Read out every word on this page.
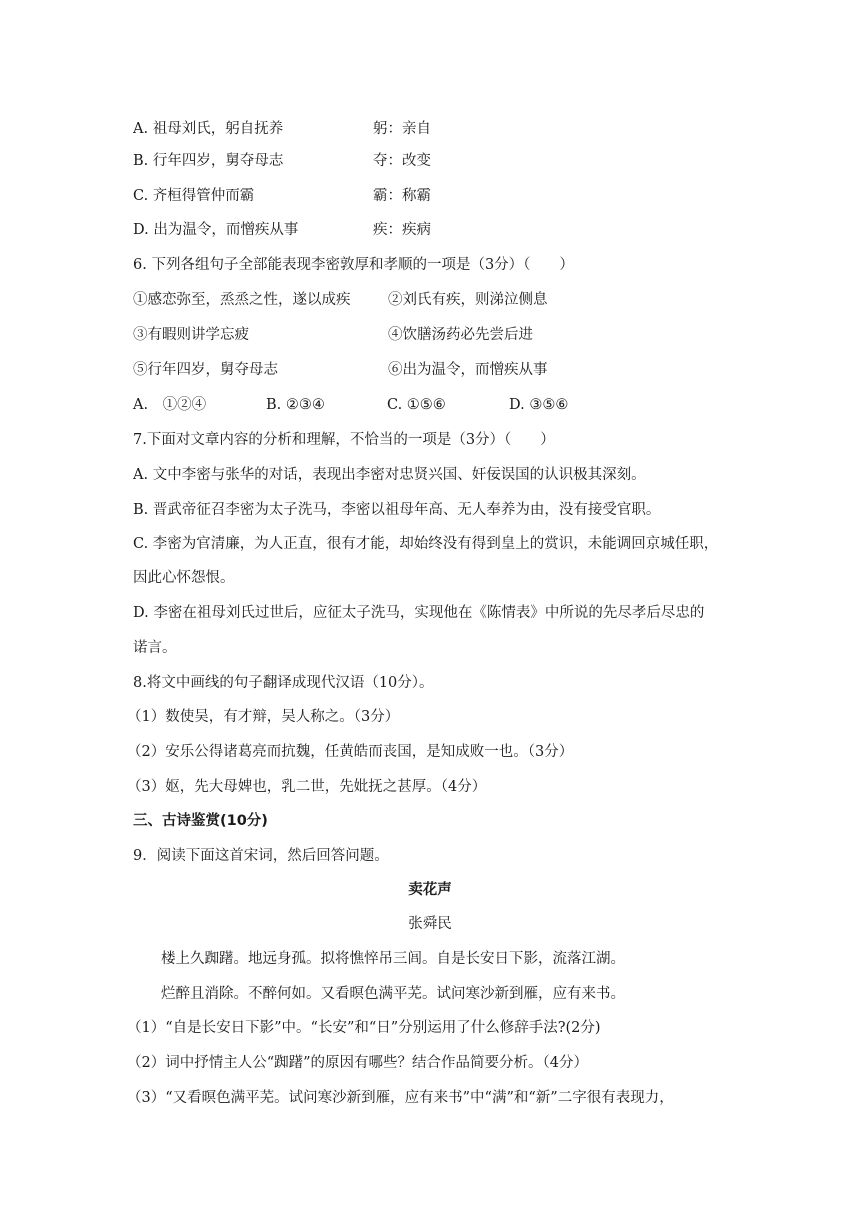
A. 祖母刘氏，躬自抚养	躬：亲自
B. 行年四岁，舅夺母志	夺：改变
C. 齐桓得管仲而霸	霸：称霸
D. 出为温令，而憎疾从事	疾：疾病
6. 下列各组句子全部能表现李密敦厚和孝顺的一项是（3分）（　　）
①感恋弥至，烝烝之性，遂以成疾	②刘氏有疾，则涕泣侧息
③有暇则讲学忘疲	④饮膳汤药必先尝后进
⑤行年四岁，舅夺母志	⑥出为温令，而憎疾从事
A.　①②④	B. ②③④	C. ①⑤⑥	D. ③⑤⑥
7.下面对文章内容的分析和理解，不恰当的一项是（3分）（　　）
A. 文中李密与张华的对话，表现出李密对忠贤兴国、奸佞误国的认识极其深刻。
B. 晋武帝征召李密为太子洗马，李密以祖母年高、无人奉养为由，没有接受官职。
C. 李密为官清廉，为人正直，很有才能，却始终没有得到皇上的赏识，未能调回京城任职，
因此心怀怨恨。
D. 李密在祖母刘氏过世后，应征太子洗马，实现他在《陈情表》中所说的先尽孝后尽忠的
诺言。
8.将文中画线的句子翻译成现代汉语（10分）。
（1）数使吴，有才辩，吴人称之。（3分）
（2）安乐公得诸葛亮而抗魏，任黄皓而丧国，是知成败一也。（3分）
（3）妪，先大母婢也，乳二世，先妣抚之甚厚。（4分）
三、古诗鉴赏(10分)
9．阅读下面这首宋词，然后回答问题。
卖花声
张舜民
楼上久踟躇。地远身孤。拟将憔悴吊三闾。自是长安日下影，流落江湖。
烂醉且消除。不醉何如。又看暝色满平芜。试问寒沙新到雁，应有来书。
（1）“自是长安日下影”中。“长安”和“日”分别运用了什么修辞手法?(2分)
（2）词中抒情主人公“踟躇”的原因有哪些？结合作品简要分析。（4分）
（3）“又看暝色满平芜。试问寒沙新到雁，应有来书”中“满”和“新”二字很有表现力，
